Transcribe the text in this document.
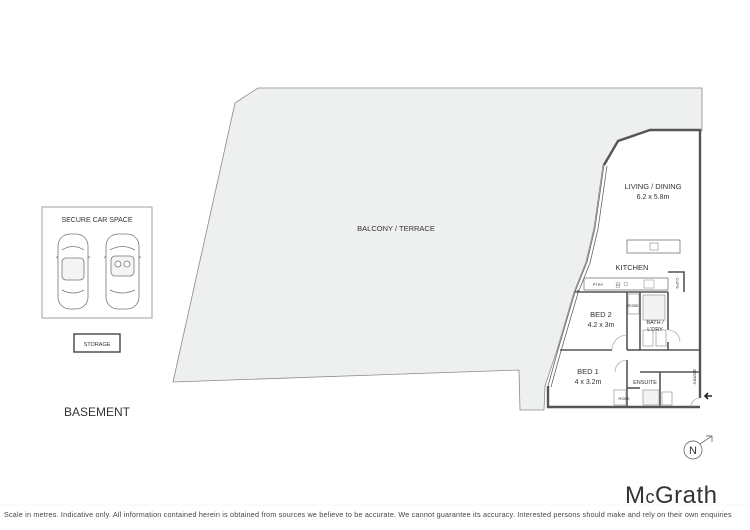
BALCONY / TERRACE
LIVING / DINING
6.2 x 5.8m
KITCHEN
PTRY	CUPS
BED 2
4.2 x 3m
ROBE
BATH /
L'DRY
BED 1
4 x 3.2m	ENSUITE
ROBE
ENTRY
SECURE CAR SPACE
STORAGE
BASEMENT
N
McGrath
Scale in metres. Indicative only. All information contained herein is obtained from sources we believe to be accurate. We cannot guarantee its accuracy. Interested persons should make and rely on their own enquiries
